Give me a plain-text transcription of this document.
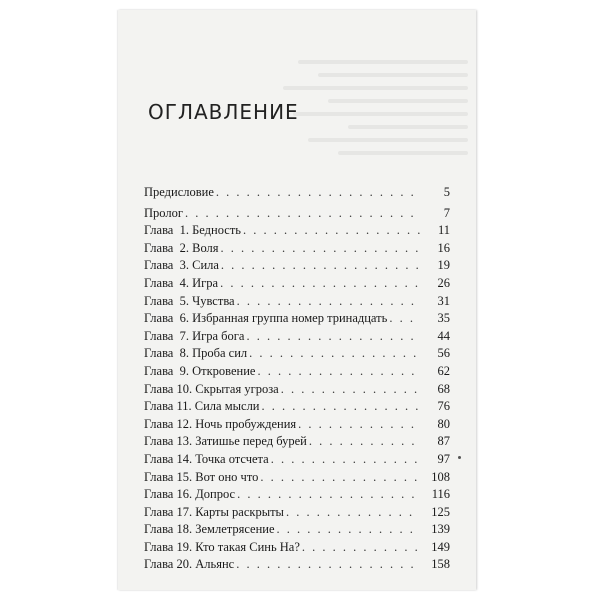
ОГЛАВЛЕНИЕ
Предисловие . . .	5
Пролог . . .	7
Глава  1. Бедность . . .	11
Глава  2. Воля . . .	16
Глава  3. Сила . . .	19
Глава  4. Игра . . .	26
Глава  5. Чувства . . .	31
Глава  6. Избранная группа номер тринадцать . . .	35
Глава  7. Игра бога . . .	44
Глава  8. Проба сил . . .	56
Глава  9. Откровение . . .	62
Глава 10. Скрытая угроза . . .	68
Глава 11. Сила мысли . . .	76
Глава 12. Ночь пробуждения . . .	80
Глава 13. Затишье перед бурей . . .	87
Глава 14. Точка отсчета . . .	97
Глава 15. Вот оно что . . .	108
Глава 16. Допрос . . .	116
Глава 17. Карты раскрыты . . .	125
Глава 18. Землетрясение . . .	139
Глава 19. Кто такая Синь На? . . .	149
Глава 20. Альянс . . .	158
